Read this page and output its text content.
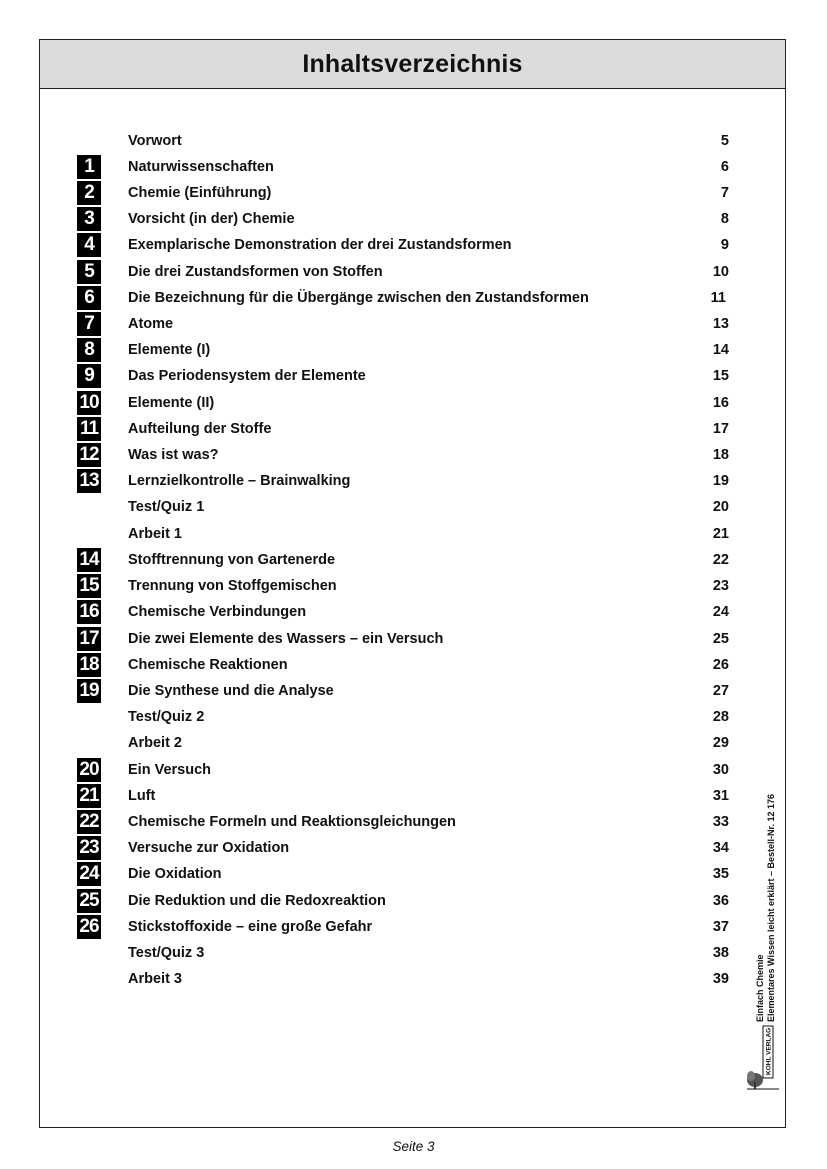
Inhaltsverzeichnis
Vorwort	5
1	Naturwissenschaften	6
2	Chemie (Einführung)	7
3	Vorsicht (in der) Chemie	8
4	Exemplarische Demonstration der drei Zustandsformen	9
5	Die drei Zustandsformen von Stoffen	10
6	Die Bezeichnung für die Übergänge zwischen den Zustandsformen	11
7	Atome	13
8	Elemente (I)	14
9	Das Periodensystem der Elemente	15
10 Elemente (II)	16
11 Aufteilung der Stoffe	17
12 Was ist was?	18
13 Lernzielkontrolle – Brainwalking	19
Test/Quiz 1	20
Arbeit 1	21
14 Stofftrennung von Gartenerde	22
15 Trennung von Stoffgemischen	23
16 Chemische Verbindungen	24
17 Die zwei Elemente des Wassers – ein Versuch	25
18 Chemische Reaktionen	26
19 Die Synthese und die Analyse	27
Test/Quiz 2	28
Arbeit 2	29
20 Ein Versuch	30
21 Luft	31
22 Chemische Formeln und Reaktionsgleichungen	33
23 Versuche zur Oxidation	34
24 Die Oxidation	35
25 Die Reduktion und die Redoxreaktion	36
26 Stickstoffoxide – eine große Gefahr	37
Test/Quiz 3	38
Arbeit 3	39	Einfach Chemie Elementares Wissen leicht erklärt – Bestell-Nr. 12 176
KOHL VERLAG
Seite 3
